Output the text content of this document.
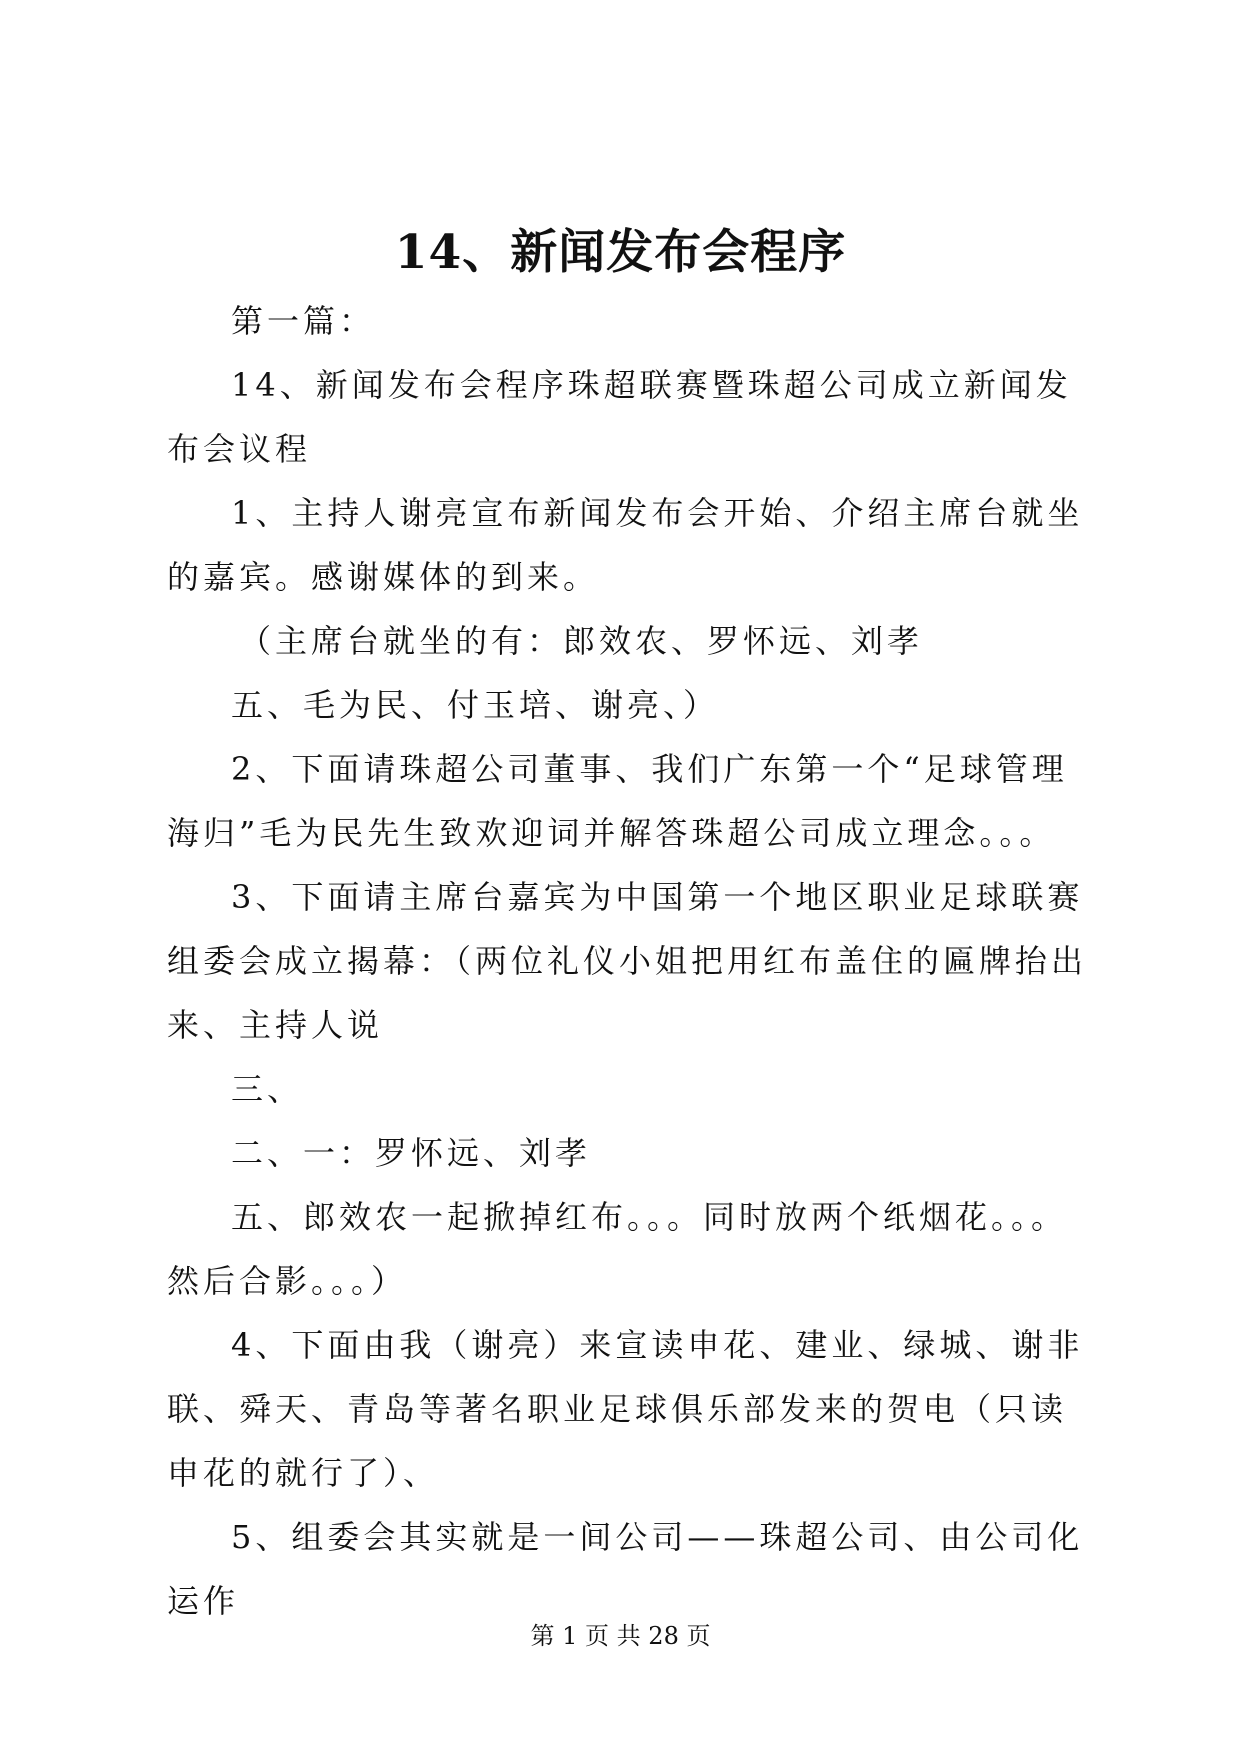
14、新闻发布会程序

第一篇：

14、新闻发布会程序珠超联赛暨珠超公司成立新闻发布会议程

1、主持人谢亮宣布新闻发布会开始、介绍主席台就坐的嘉宾。感谢媒体的到来。

（主席台就坐的有：郎效农、罗怀远、刘孝

五、毛为民、付玉培、谢亮、）

2、下面请珠超公司董事、我们广东第一个“足球管理海归”毛为民先生致欢迎词并解答珠超公司成立理念。。。

3、下面请主席台嘉宾为中国第一个地区职业足球联赛组委会成立揭幕：（两位礼仪小姐把用红布盖住的匾牌抬出来、主持人说

三、

二、一：罗怀远、刘孝

五、郎效农一起掀掉红布。。。同时放两个纸烟花。。。然后合影。。。）

4、下面由我（谢亮）来宣读申花、建业、绿城、谢非联、舜天、青岛等著名职业足球俱乐部发来的贺电（只读申花的就行了）、

5、组委会其实就是一间公司——珠超公司、由公司化运作

第 1 页 共 28 页
